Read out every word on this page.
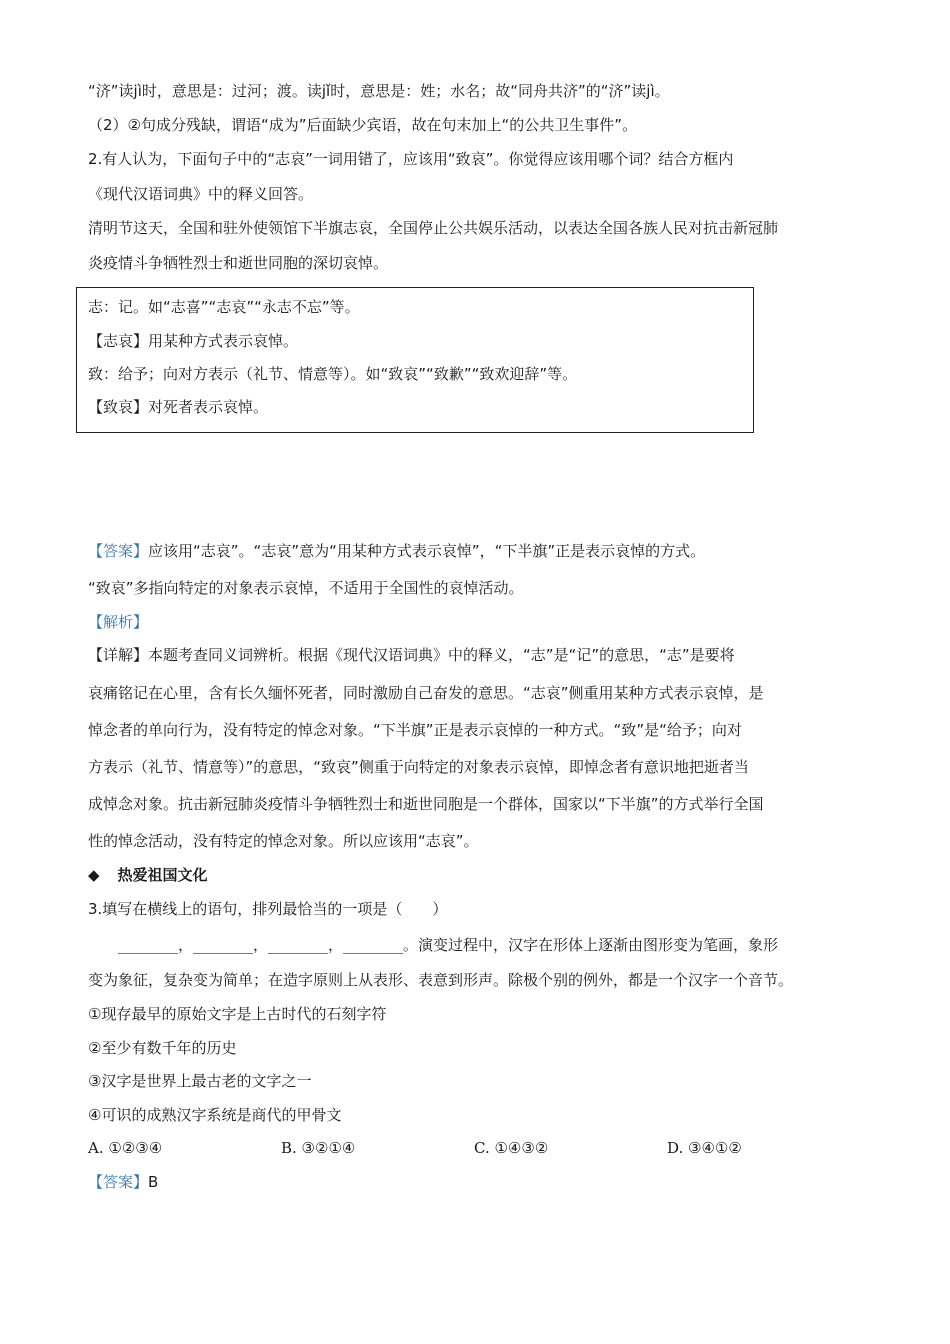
“济”读jì时，意思是：过河；渡。读jǐ时，意思是：姓；水名；故“同舟共济”的“济”读jì。
（2）②句成分残缺，谓语“成为”后面缺少宾语，故在句末加上“的公共卫生事件”。
2.有人认为，下面句子中的“志哀”一词用错了，应该用“致哀”。你觉得应该用哪个词？结合方框内
《现代汉语词典》中的释义回答。
清明节这天，全国和驻外使领馆下半旗志哀，全国停止公共娱乐活动，以表达全国各族人民对抗击新冠肺
炎疫情斗争牺牲烈士和逝世同胞的深切哀悼。
志：记。如“志喜”“志哀”“永志不忘”等。
【志哀】用某种方式表示哀悼。
致：给予；向对方表示（礼节、情意等）。如“致哀”“致歉”“致欢迎辞”等。
【致哀】对死者表示哀悼。
【答案】应该用“志哀”。“志哀”意为“用某种方式表示哀悼”，“下半旗”正是表示哀悼的方式。
“致哀”多指向特定的对象表示哀悼，不适用于全国性的哀悼活动。
【解析】
【详解】本题考查同义词辨析。根据《现代汉语词典》中的释义，“志”是“记”的意思，“志”是要将
哀痛铭记在心里，含有长久缅怀死者，同时激励自己奋发的意思。“志哀”侧重用某种方式表示哀悼，是
悼念者的单向行为，没有特定的悼念对象。“下半旗”正是表示哀悼的一种方式。“致”是“给予；向对
方表示（礼节、情意等）”的意思，“致哀”侧重于向特定的对象表示哀悼，即悼念者有意识地把逝者当
成悼念对象。抗击新冠肺炎疫情斗争牺牲烈士和逝世同胞是一个群体，国家以“下半旗”的方式举行全国
性的悼念活动，没有特定的悼念对象。所以应该用“志哀”。
◆ 热爱祖国文化
3.填写在横线上的语句，排列最恰当的一项是（　　）
________，________，________，________。演变过程中，汉字在形体上逐渐由图形变为笔画，象形
变为象征，复杂变为简单；在造字原则上从表形、表意到形声。除极个别的例外，都是一个汉字一个音节。
①现存最早的原始文字是上古时代的石刻字符
②至少有数千年的历史
③汉字是世界上最古老的文字之一
④可识的成熟汉字系统是商代的甲骨文
A. ①②③④	B. ③②①④	C. ①④③②	D. ③④①②
【答案】B
